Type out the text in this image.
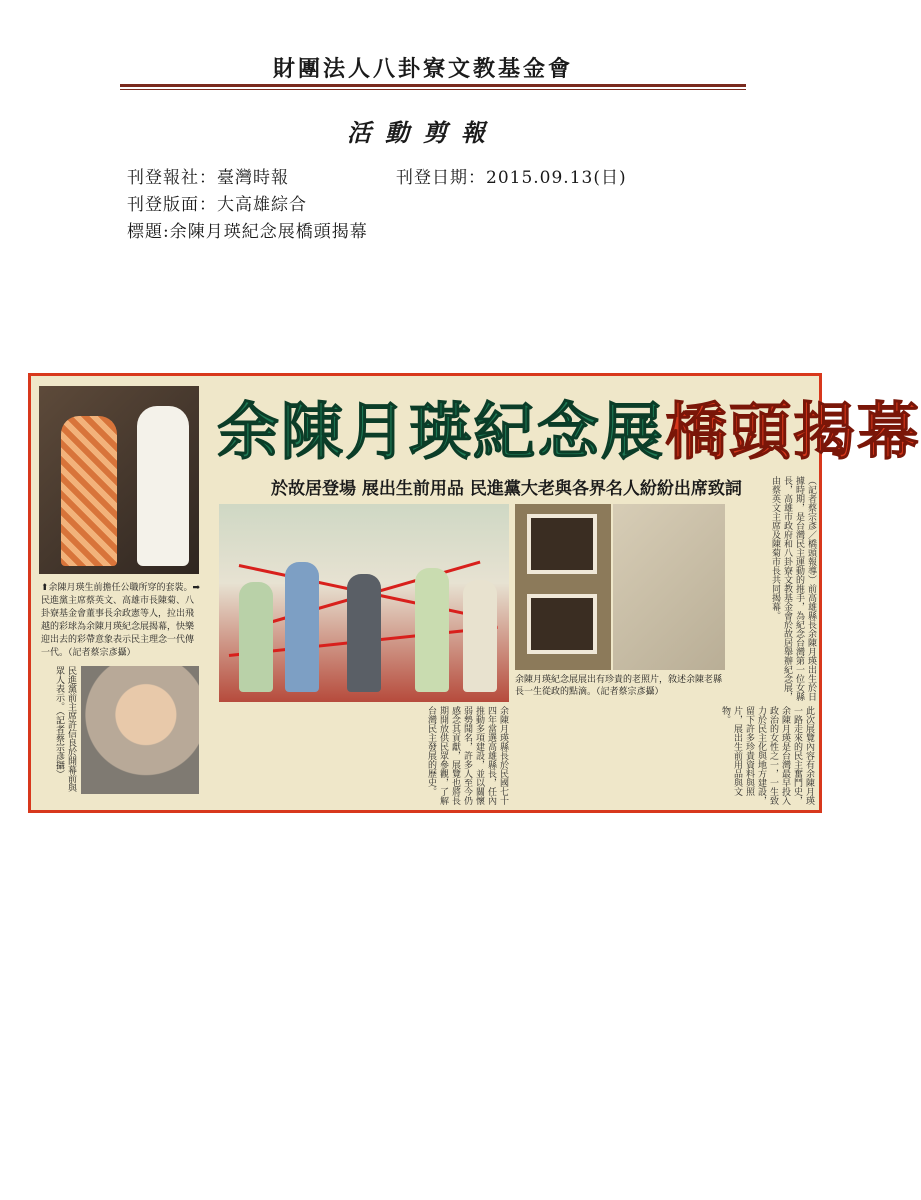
財團法人八卦寮文教基金會
活動剪報
刊登報社：臺灣時報	刊登日期：2015.09.13(日)
刊登版面：大高雄綜合
標題:余陳月瑛紀念展橋頭揭幕
⬆余陳月瑛生前擔任公職所穿的套裝。➡民進黨主席蔡英文、高雄市長陳菊、八卦寮基金會董事長余政憲等人，拉出飛越的彩球為余陳月瑛紀念展揭幕，快樂迎出去的彩帶意象表示民主理念一代傳一代。（記者蔡宗彥攝）
民進黨前主席許信良於開幕前與眾人表示。（記者蔡宗彥攝）
余陳月瑛紀念展橋頭揭幕
於故居登場 展出生前用品 民進黨大老與各界名人紛紛出席致詞
余陳月瑛紀念展展出有珍貴的老照片，敘述余陳老縣長一生從政的點滴。（記者蔡宗彥攝）	（記者蔡宗彥／橋頭報導）前高雄縣長余陳月瑛出生於日據時期，是台灣民主運動的推手，為紀念台灣第一位女縣長，高雄市政府和八卦寮文教基金會於故居舉辦紀念展，由蔡英文主席及陳菊市長共同揭幕。
此次展覽內容有余陳月瑛一路走來的民主奮鬥史，余陳月瑛是台灣最早投入政治的女性之一，一生致力於民主化與地方建設，留下許多珍貴資料與照片，展出生前用品與文物。
余陳月瑛縣長於民國七十四年當選高雄縣長，任內推動多項建設，並以關懷弱勢聞名，許多人至今仍感念其貢獻，展覽也將長期開放供民眾參觀，了解台灣民主發展的歷史。
